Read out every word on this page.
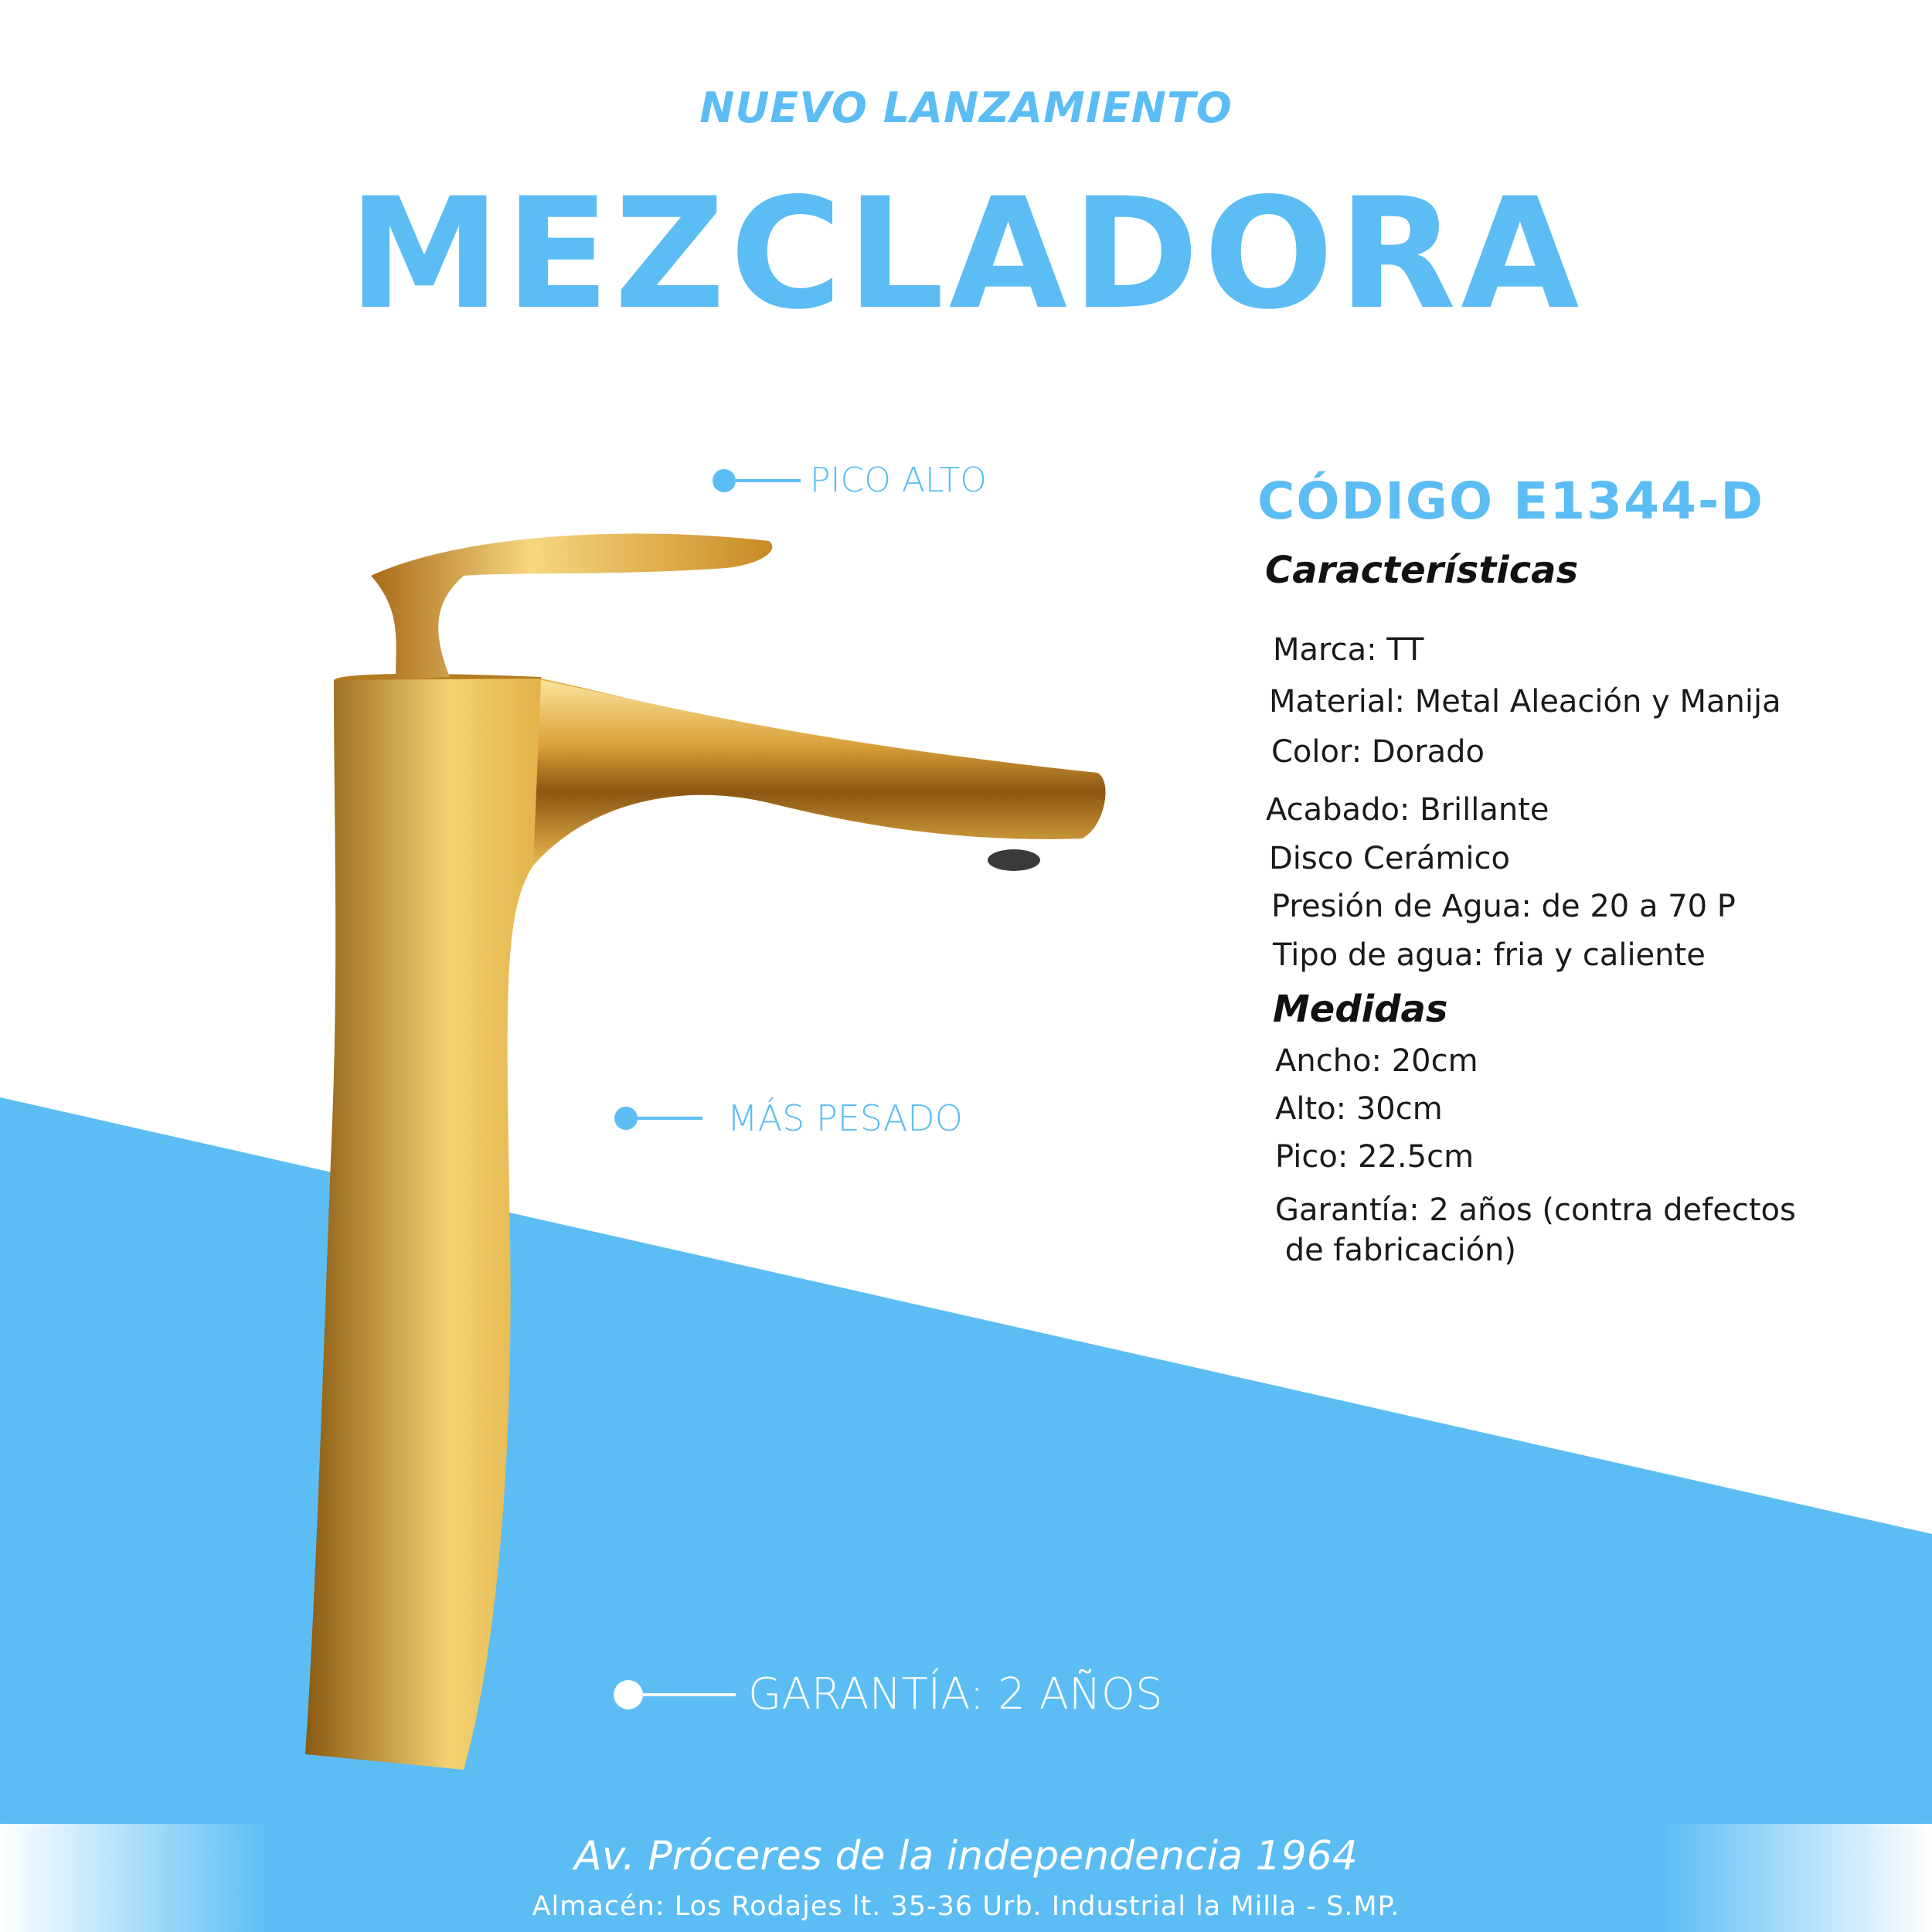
NUEVO LANZAMIENTO
MEZCLADORA
PICO ALTO
MÁS PESADO
GARANTÍA: 2 AÑOS
CÓDIGO E1344-D
Características
Marca: TT
Material: Metal Aleación y Manija
Color: Dorado
Acabado: Brillante
Disco Cerámico
Presión de Agua: de 20 a 70 P
Tipo de agua: fria y caliente
Medidas
Ancho: 20cm
Alto: 30cm
Pico: 22.5cm
Garantía: 2 años (contra defectos
de fabricación)
Av. Próceres de la independencia 1964
Almacén: Los Rodajes lt. 35-36 Urb. Industrial la Milla - S.MP.
